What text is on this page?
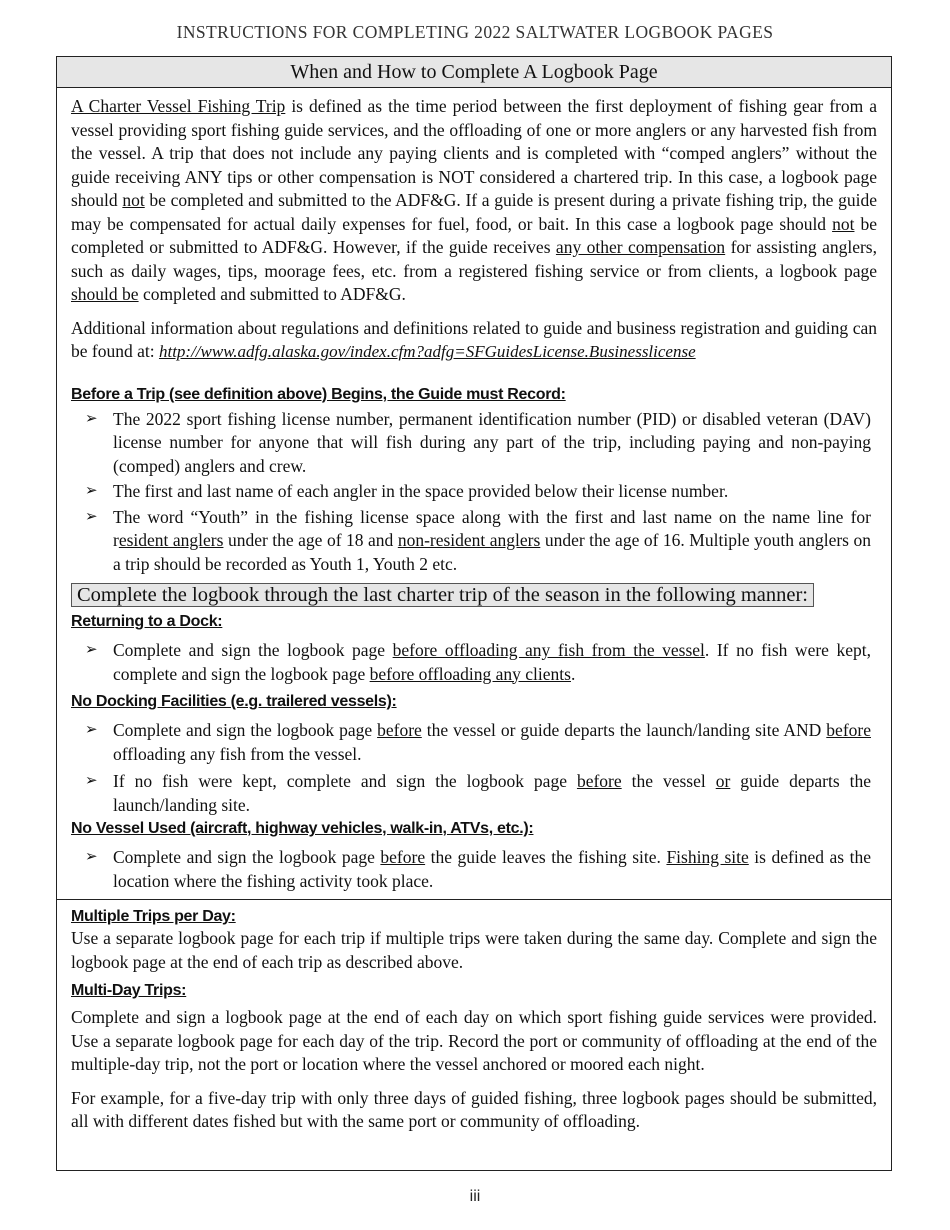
INSTRUCTIONS FOR COMPLETING 2022 SALTWATER LOGBOOK PAGES
When and How to Complete A Logbook Page

A Charter Vessel Fishing Trip is defined as the time period between the first deployment of fishing gear from a vessel providing sport fishing guide services, and the offloading of one or more anglers or any harvested fish from the vessel. A trip that does not include any paying clients and is completed with “comped anglers” without the guide receiving ANY tips or other compensation is NOT considered a chartered trip. In this case, a logbook page should not be completed and submitted to the ADF&G. If a guide is present during a private fishing trip, the guide may be compensated for actual daily expenses for fuel, food, or bait. In this case a logbook page should not be completed or submitted to ADF&G. However, if the guide receives any other compensation for assisting anglers, such as daily wages, tips, moorage fees, etc. from a registered fishing service or from clients, a logbook page should be completed and submitted to ADF&G.

Additional information about regulations and definitions related to guide and business registration and guiding can be found at: http://www.adfg.alaska.gov/index.cfm?adfg=SFGuidesLicense.Businesslicense

Before a Trip (see definition above) Begins, the Guide must Record:
➢ The 2022 sport fishing license number, permanent identification number (PID) or disabled veteran (DAV) license number for anyone that will fish during any part of the trip, including paying and non-paying (comped) anglers and crew.
➢ The first and last name of each angler in the space provided below their license number.
➢ The word “Youth” in the fishing license space along with the first and last name on the name line for resident anglers under the age of 18 and non-resident anglers under the age of 16. Multiple youth anglers on a trip should be recorded as Youth 1, Youth 2 etc.
Complete the logbook through the last charter trip of the season in the following manner:
Returning to a Dock:
➢ Complete and sign the logbook page before offloading any fish from the vessel. If no fish were kept, complete and sign the logbook page before offloading any clients.
No Docking Facilities (e.g. trailered vessels):
➢ Complete and sign the logbook page before the vessel or guide departs the launch/landing site AND before offloading any fish from the vessel.
➢ If no fish were kept, complete and sign the logbook page before the vessel or guide departs the launch/landing site.
No Vessel Used (aircraft, highway vehicles, walk-in, ATVs, etc.):
➢ Complete and sign the logbook page before the guide leaves the fishing site. Fishing site is defined as the location where the fishing activity took place.
Multiple Trips per Day:

Use a separate logbook page for each trip if multiple trips were taken during the same day. Complete and sign the logbook page at the end of each trip as described above.

Multi-Day Trips:

Complete and sign a logbook page at the end of each day on which sport fishing guide services were provided. Use a separate logbook page for each day of the trip. Record the port or community of offloading at the end of the multiple-day trip, not the port or location where the vessel anchored or moored each night.

For example, for a five-day trip with only three days of guided fishing, three logbook pages should be submitted, all with different dates fished but with the same port or community of offloading.

iii
